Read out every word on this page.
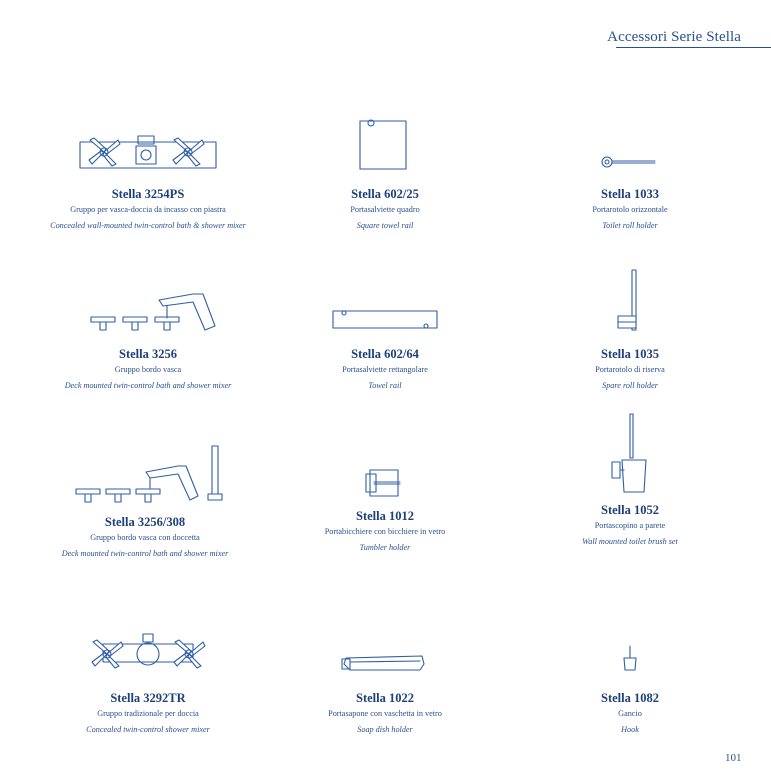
Accessori Serie Stella
Stella 3254PS
Gruppo per vasca-doccia da incasso con piastra
Concealed wall-mounted twin-control bath & shower mixer
Stella 602/25
Portasalviette quadro
Square towel rail
Stella 1033
Portarotolo orizzontale
Toilet roll holder
Stella 3256
Gruppo bordo vasca
Deck mounted twin-control bath and shower mixer
Stella 602/64
Portasalviette rettangolare
Towel rail
Stella 1035
Portarotolo di riserva
Spare roll holder
Stella 3256/308
Gruppo bordo vasca con doccetta
Deck mounted twin-control bath and shower mixer
Stella 1012
Portabicchiere con bicchiere in vetro
Tumbler holder
Stella 1052
Portascopino a parete
Wall mounted toilet brush set
Stella 3292TR
Gruppo tradizionale per doccia
Concealed twin-control shower mixer
Stella 1022
Portasapone con vaschetta in vetro
Soap dish holder
Stella 1082
Gancio
Hook
101
